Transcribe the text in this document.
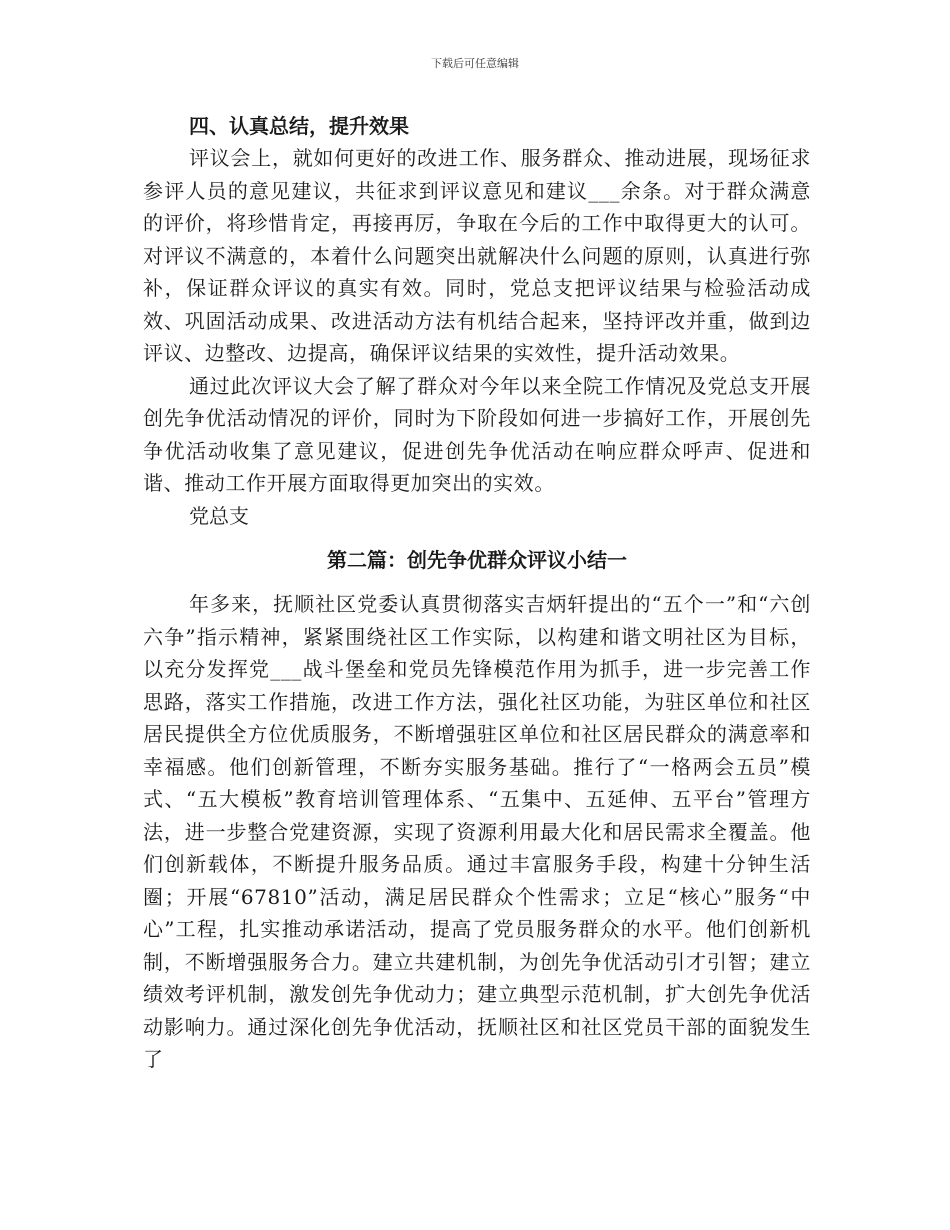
下载后可任意编辑

四、认真总结，提升效果

评议会上，就如何更好的改进工作、服务群众、推动进展，现场征求参评人员的意见建议，共征求到评议意见和建议___余条。对于群众满意的评价，将珍惜肯定，再接再厉，争取在今后的工作中取得更大的认可。对评议不满意的，本着什么问题突出就解决什么问题的原则，认真进行弥补，保证群众评议的真实有效。同时，党总支把评议结果与检验活动成效、巩固活动成果、改进活动方法有机结合起来，坚持评改并重，做到边评议、边整改、边提高，确保评议结果的实效性，提升活动效果。

通过此次评议大会了解了群众对今年以来全院工作情况及党总支开展创先争优活动情况的评价，同时为下阶段如何进一步搞好工作，开展创先争优活动收集了意见建议，促进创先争优活动在响应群众呼声、促进和谐、推动工作开展方面取得更加突出的实效。

党总支

第二篇：创先争优群众评议小结一

年多来，抚顺社区党委认真贯彻落实吉炳轩提出的“五个一”和“六创六争”指示精神，紧紧围绕社区工作实际，以构建和谐文明社区为目标，以充分发挥党___战斗堡垒和党员先锋模范作用为抓手，进一步完善工作思路，落实工作措施，改进工作方法，强化社区功能，为驻区单位和社区居民提供全方位优质服务，不断增强驻区单位和社区居民群众的满意率和幸福感。他们创新管理，不断夯实服务基础。推行了“一格两会五员”模式、“五大模板”教育培训管理体系、“五集中、五延伸、五平台”管理方法，进一步整合党建资源，实现了资源利用最大化和居民需求全覆盖。他们创新载体，不断提升服务品质。通过丰富服务手段，构建十分钟生活圈；开展“67810”活动，满足居民群众个性需求；立足“核心”服务“中心”工程，扎实推动承诺活动，提高了党员服务群众的水平。他们创新机制，不断增强服务合力。建立共建机制，为创先争优活动引才引智；建立绩效考评机制，激发创先争优动力；建立典型示范机制，扩大创先争优活动影响力。通过深化创先争优活动，抚顺社区和社区党员干部的面貌发生了
